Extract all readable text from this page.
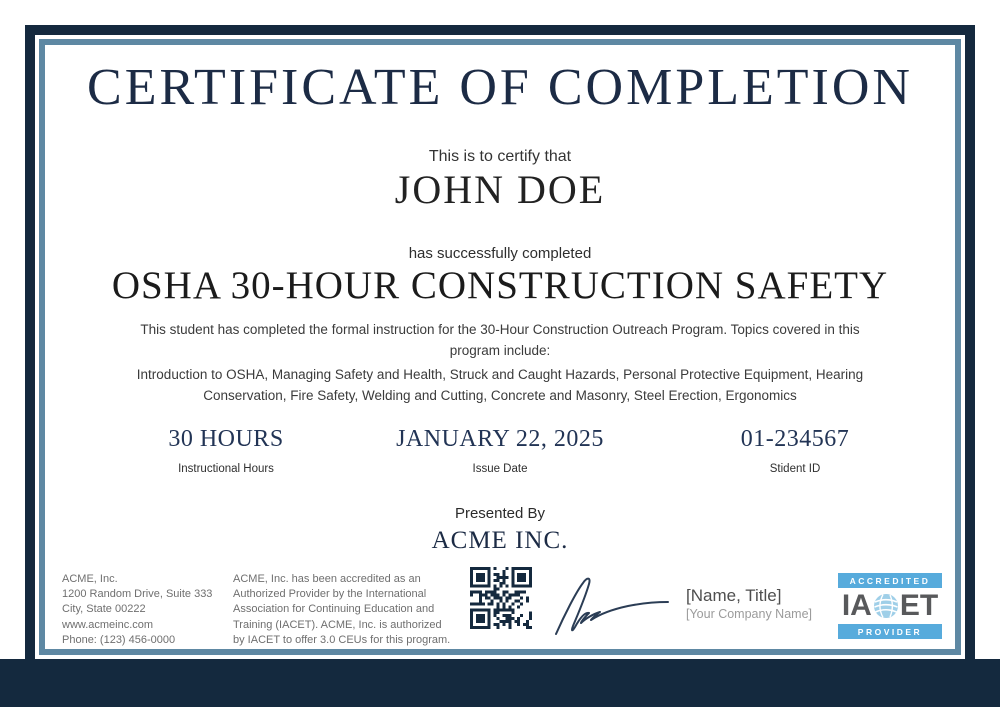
CERTIFICATE OF COMPLETION
This is to certify that
JOHN DOE
has successfully completed
OSHA 30-HOUR CONSTRUCTION SAFETY
This student has completed the formal instruction for the 30-Hour Construction Outreach Program. Topics covered in this program include:
Introduction to OSHA, Managing Safety and Health, Struck and Caught Hazards, Personal Protective Equipment, Hearing Conservation, Fire Safety, Welding and Cutting, Concrete and Masonry, Steel Erection, Ergonomics
30 HOURS
Instructional Hours
JANUARY 22, 2025
Issue Date
01-234567
Stident ID
Presented By
ACME INC.
ACME, Inc.
1200 Random Drive, Suite 333
City, State 00222
www.acmeinc.com
Phone: (123) 456-0000
ACME, Inc. has been accredited as an Authorized Provider by the International Association for Continuing Education and Training (IACET). ACME, Inc. is authorized by IACET to offer 3.0 CEUs for this program.
[Name, Title]
[Your Company Name]
ACCREDITED
IA ET
PROVIDER
